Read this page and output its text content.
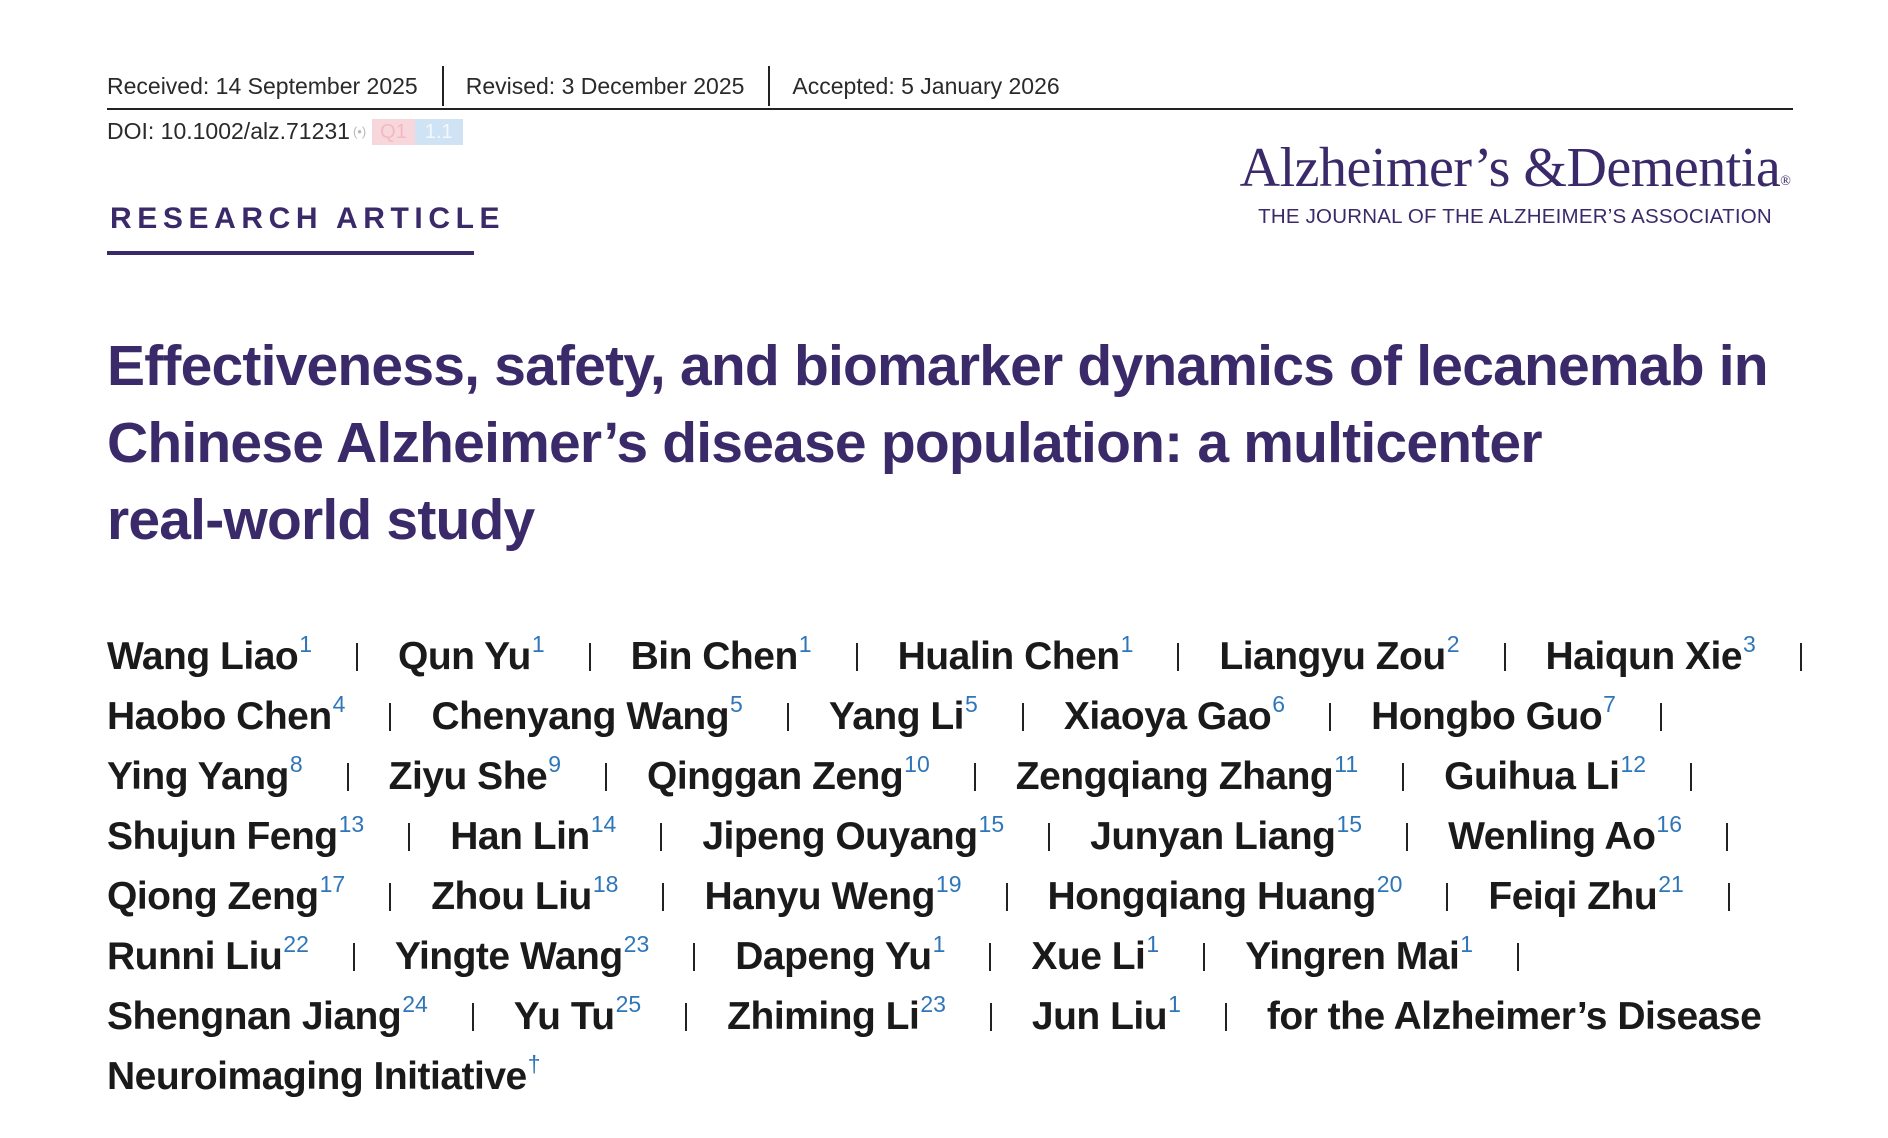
Received: 14 September 2025 Revised: 3 December 2025 Accepted: 5 January 2026
DOI: 10.1002/alz.71231 (•) Q1 1.1
RESEARCH ARTICLE
Alzheimer’s &Dementia®
THE JOURNAL OF THE ALZHEIMER’S ASSOCIATION
Effectiveness, safety, and biomarker dynamics of lecanemab in
Chinese Alzheimer’s disease population: a multicenter
real-world study
Wang Liao$^1$ Qun Yu$^1$ Bin Chen$^1$ Hualin Chen$^1$ Liangyu Zou$^2$ Haiqun Xie$^3$
Haobo Chen$^4$ Chenyang Wang$^5$ Yang Li$^5$ Xiaoya Gao$^6$ Hongbo Guo$^7$
Ying Yang$^8$ Ziyu She$^9$ Qinggan Zeng$^{10}$ Zengqiang Zhang$^{11}$ Guihua Li$^{12}$
Shujun Feng$^{13}$ Han Lin$^{14}$ Jipeng Ouyang$^{15}$ Junyan Liang$^{15}$ Wenling Ao$^{16}$
Qiong Zeng$^{17}$ Zhou Liu$^{18}$ Hanyu Weng$^{19}$ Hongqiang Huang$^{20}$ Feiqi Zhu$^{21}$
Runni Liu$^{22}$ Yingte Wang$^{23}$ Dapeng Yu$^1$ Xue Li$^1$ Yingren Mai$^1$
Shengnan Jiang$^{24}$ Yu Tu$^{25}$ Zhiming Li$^{23}$ Jun Liu$^1$ for the Alzheimer’s Disease
Neuroimaging Initiative†
